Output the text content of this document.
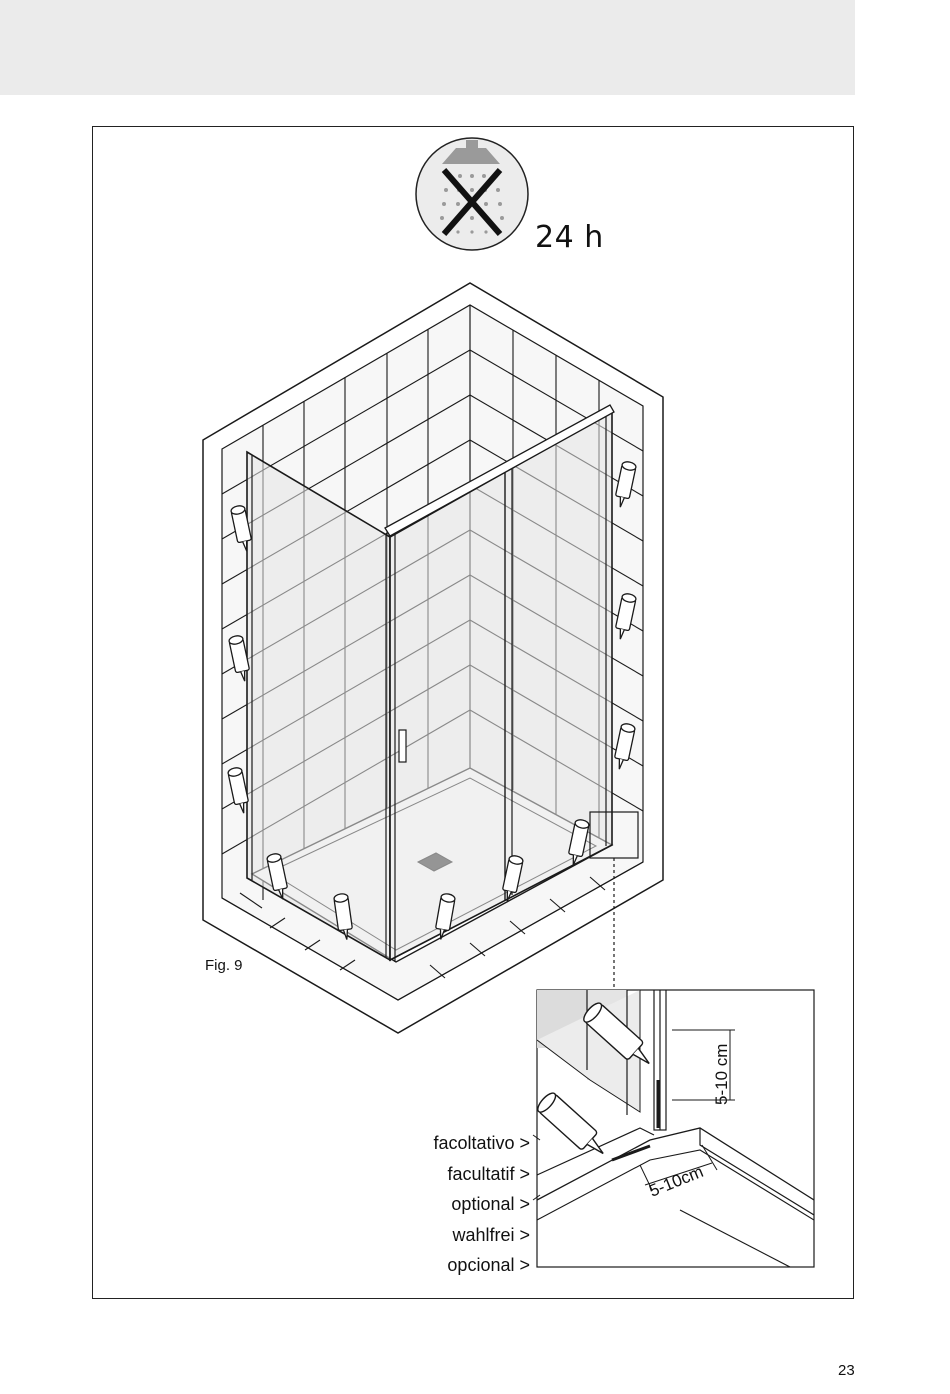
5-10 cm
5-10cm
24 h
Fig. 9
facoltativo >
facultatif >
optional >
wahlfrei >
opcional >
23
